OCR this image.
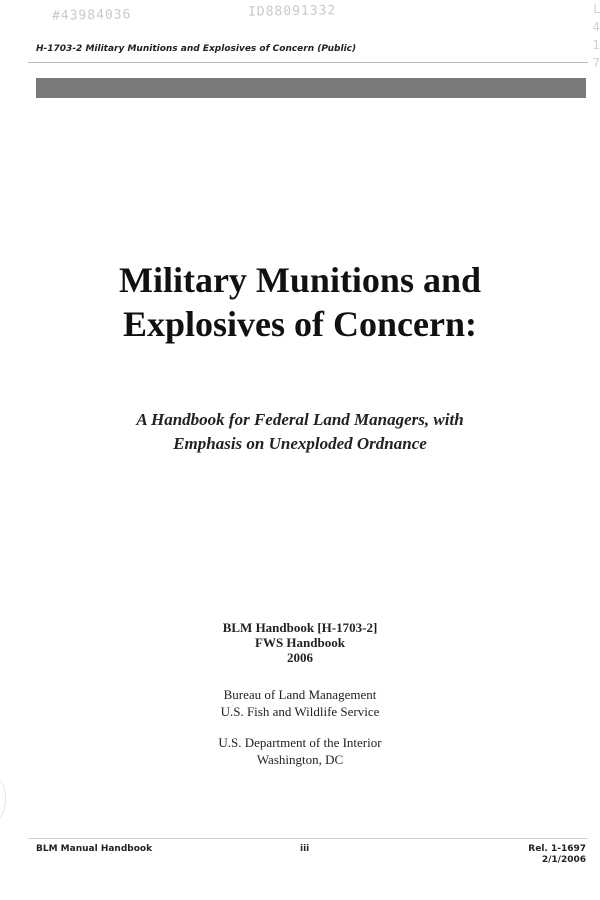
#43984036	ID88091332	L
4
1
7
H-1703-2 Military Munitions and Explosives of Concern (Public)
Military Munitions and
Explosives of Concern:
A Handbook for Federal Land Managers, with
Emphasis on Unexploded Ordnance
BLM Handbook [H-1703-2]
FWS Handbook
2006
Bureau of Land Management
U.S. Fish and Wildlife Service
U.S. Department of the Interior
Washington, DC
BLM Manual Handbook	iii	Rel. 1-1697
2/1/2006
